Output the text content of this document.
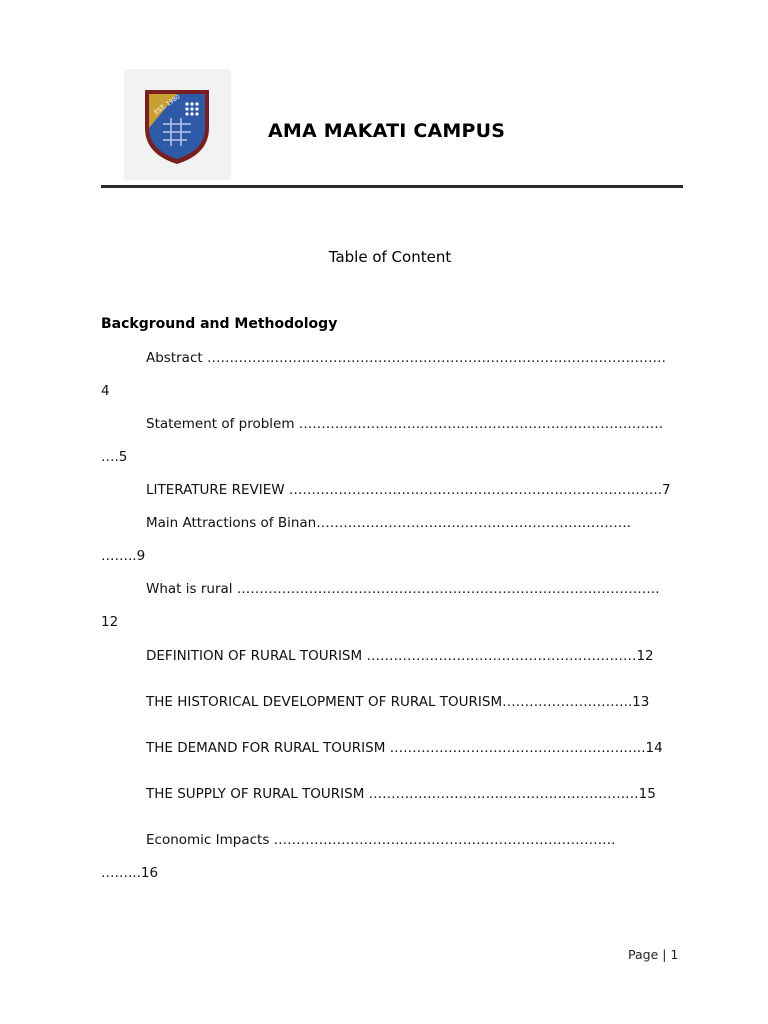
EST. 1980
AMA MAKATI CAMPUS
Table of Content
Background and Methodology
Abstract …………………………………………………………………………………………
4
Statement of problem ………………………………………………………………………
….5
LITERATURE REVIEW ………………………………………………………………………..7
Main Attractions of Binan…………………………………………………………….
……..9
What is rural ………………………………………………………………………………….
12
DEFINITION OF RURAL TOURISM ……………………………………………………12
THE HISTORICAL DEVELOPMENT OF RURAL TOURISM………………………..13
THE DEMAND FOR RURAL TOURISM …………………………………………….…..14
THE SUPPLY OF RURAL TOURISM ……………………………………………………15
Economic Impacts ………………………………………………………………….
……...16
Page | 1
